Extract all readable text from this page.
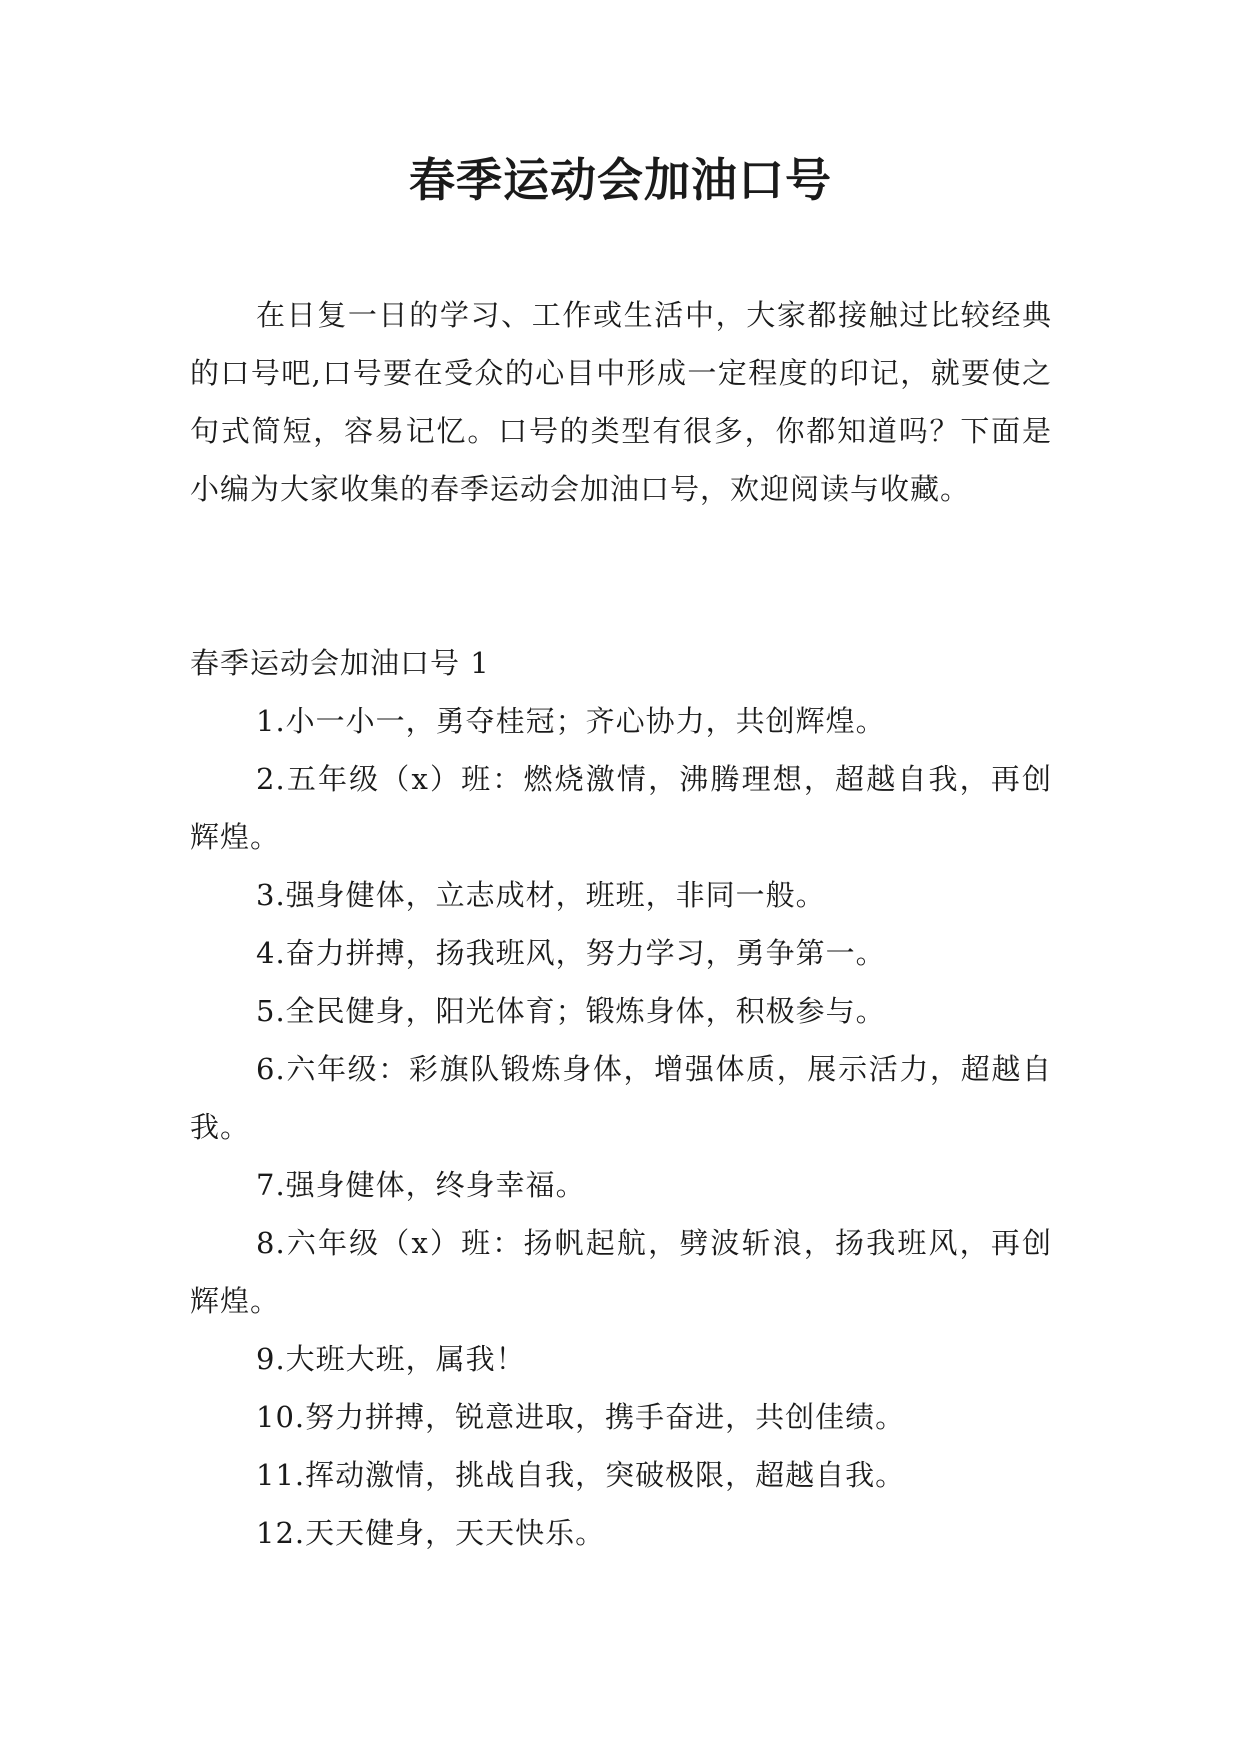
春季运动会加油口号

在日复一日的学习、工作或生活中，大家都接触过比较经典的口号吧,口号要在受众的心目中形成一定程度的印记，就要使之句式简短，容易记忆。口号的类型有很多，你都知道吗？下面是小编为大家收集的春季运动会加油口号，欢迎阅读与收藏。

春季运动会加油口号 1

1.小一小一，勇夺桂冠；齐心协力，共创辉煌。
2.五年级（x）班：燃烧激情，沸腾理想，超越自我，再创辉煌。
3.强身健体，立志成材，班班，非同一般。
4.奋力拼搏，扬我班风，努力学习，勇争第一。
5.全民健身，阳光体育；锻炼身体，积极参与。
6.六年级：彩旗队锻炼身体，增强体质，展示活力，超越自我。
7.强身健体，终身幸福。
8.六年级（x）班：扬帆起航，劈波斩浪，扬我班风，再创辉煌。
9.大班大班，属我！
10.努力拼搏，锐意进取，携手奋进，共创佳绩。
11.挥动激情，挑战自我，突破极限，超越自我。
12.天天健身，天天快乐。
